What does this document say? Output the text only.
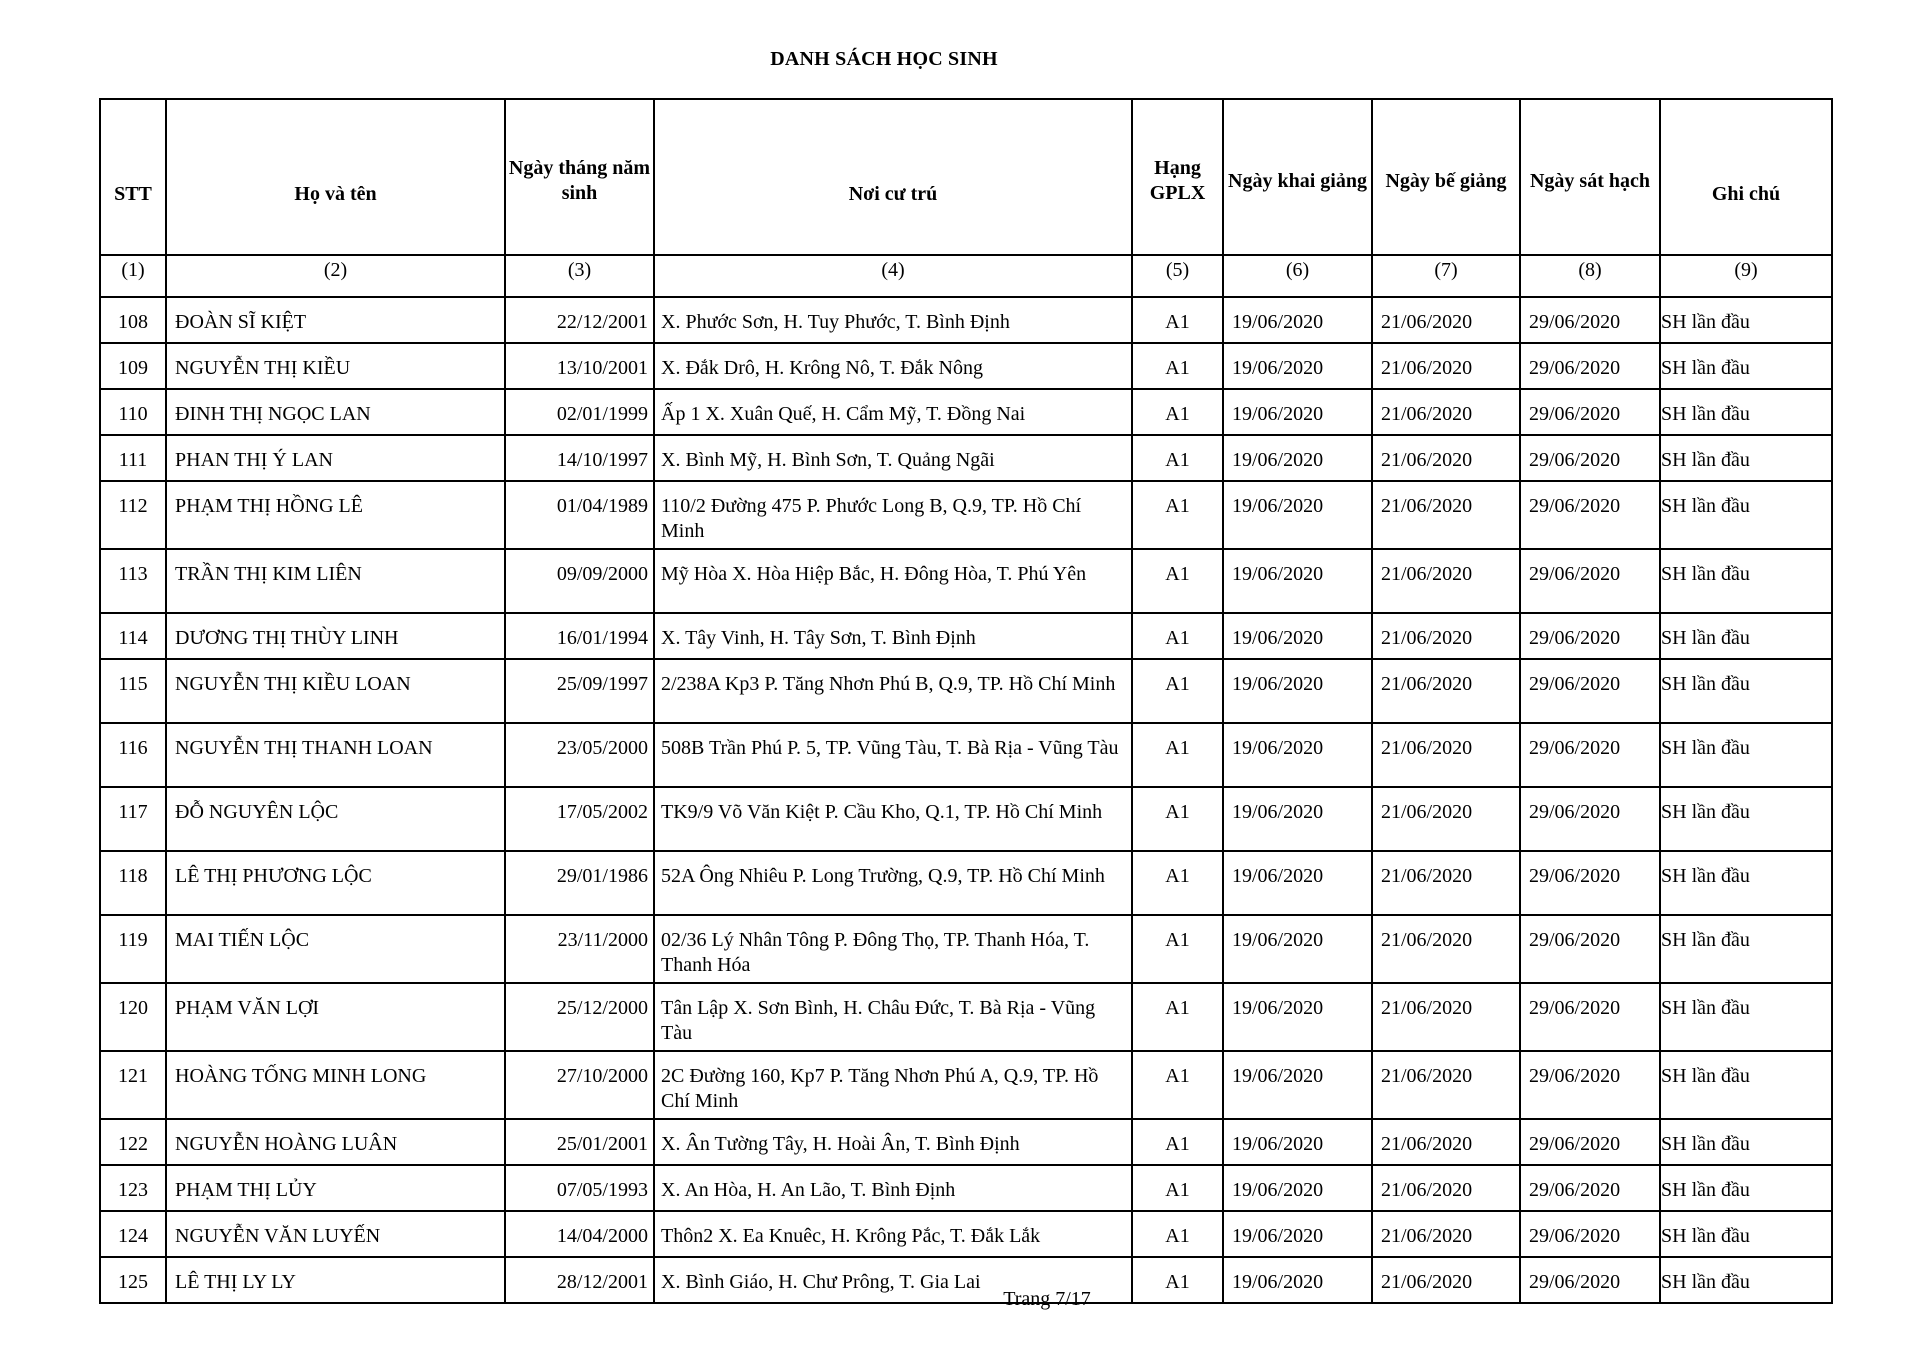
DANH SÁCH HỌC SINH
STT	Họ và tên	Ngày tháng năm sinh	Nơi cư trú	Hạng GPLX	Ngày khai giảng	Ngày bế giảng	Ngày sát hạch	Ghi chú
(1)	(2)	(3)	(4)	(5)	(6)	(7)	(8)	(9)
108	ĐOÀN SĨ KIỆT	22/12/2001	X. Phước Sơn, H. Tuy Phước, T. Bình Định	A1	19/06/2020	21/06/2020	29/06/2020	SH lần đầu
109	NGUYỄN THỊ KIỀU	13/10/2001	X. Đắk Drô, H. Krông Nô, T. Đắk Nông	A1	19/06/2020	21/06/2020	29/06/2020	SH lần đầu
110	ĐINH THỊ NGỌC LAN	02/01/1999	Ấp 1 X. Xuân Quế, H. Cẩm Mỹ, T. Đồng Nai	A1	19/06/2020	21/06/2020	29/06/2020	SH lần đầu
111	PHAN THỊ Ý LAN	14/10/1997	X. Bình Mỹ, H. Bình Sơn, T. Quảng Ngãi	A1	19/06/2020	21/06/2020	29/06/2020	SH lần đầu
112	PHẠM THỊ HỒNG LÊ	01/04/1989	110/2 Đường 475 P. Phước Long B, Q.9, TP. Hồ Chí Minh	A1	19/06/2020	21/06/2020	29/06/2020	SH lần đầu
113	TRẦN THỊ KIM LIÊN	09/09/2000	Mỹ Hòa X. Hòa Hiệp Bắc, H. Đông Hòa, T. Phú Yên	A1	19/06/2020	21/06/2020	29/06/2020	SH lần đầu
114	DƯƠNG THỊ THÙY LINH	16/01/1994	X. Tây Vinh, H. Tây Sơn, T. Bình Định	A1	19/06/2020	21/06/2020	29/06/2020	SH lần đầu
115	NGUYỄN THỊ KIỀU LOAN	25/09/1997	2/238A Kp3 P. Tăng Nhơn Phú B, Q.9, TP. Hồ Chí Minh	A1	19/06/2020	21/06/2020	29/06/2020	SH lần đầu
116	NGUYỄN THỊ THANH LOAN	23/05/2000	508B Trần Phú P. 5, TP. Vũng Tàu, T. Bà Rịa - Vũng Tàu	A1	19/06/2020	21/06/2020	29/06/2020	SH lần đầu
117	ĐỖ NGUYÊN LỘC	17/05/2002	TK9/9 Võ Văn Kiệt P. Cầu Kho, Q.1, TP. Hồ Chí Minh	A1	19/06/2020	21/06/2020	29/06/2020	SH lần đầu
118	LÊ THỊ PHƯƠNG LỘC	29/01/1986	52A Ông Nhiêu P. Long Trường, Q.9, TP. Hồ Chí Minh	A1	19/06/2020	21/06/2020	29/06/2020	SH lần đầu
119	MAI TIẾN LỘC	23/11/2000	02/36 Lý Nhân Tông P. Đông Thọ, TP. Thanh Hóa, T. Thanh Hóa	A1	19/06/2020	21/06/2020	29/06/2020	SH lần đầu
120	PHẠM VĂN LỢI	25/12/2000	Tân Lập X. Sơn Bình, H. Châu Đức, T. Bà Rịa - Vũng Tàu	A1	19/06/2020	21/06/2020	29/06/2020	SH lần đầu
121	HOÀNG TỐNG MINH LONG	27/10/2000	2C Đường 160, Kp7 P. Tăng Nhơn Phú A, Q.9, TP. Hồ Chí Minh	A1	19/06/2020	21/06/2020	29/06/2020	SH lần đầu
122	NGUYỄN HOÀNG LUÂN	25/01/2001	X. Ân Tường Tây, H. Hoài Ân, T. Bình Định	A1	19/06/2020	21/06/2020	29/06/2020	SH lần đầu
123	PHẠM THỊ LỦY	07/05/1993	X. An Hòa, H. An Lão, T. Bình Định	A1	19/06/2020	21/06/2020	29/06/2020	SH lần đầu
124	NGUYỄN VĂN LUYẾN	14/04/2000	Thôn2 X. Ea Knuêc, H. Krông Pắc, T. Đắk Lắk	A1	19/06/2020	21/06/2020	29/06/2020	SH lần đầu
125	LÊ THỊ LY LY	28/12/2001	X. Bình Giáo, H. Chư Prông, T. Gia Lai	A1	19/06/2020	21/06/2020	29/06/2020	SH lần đầu
Trang 7/17
